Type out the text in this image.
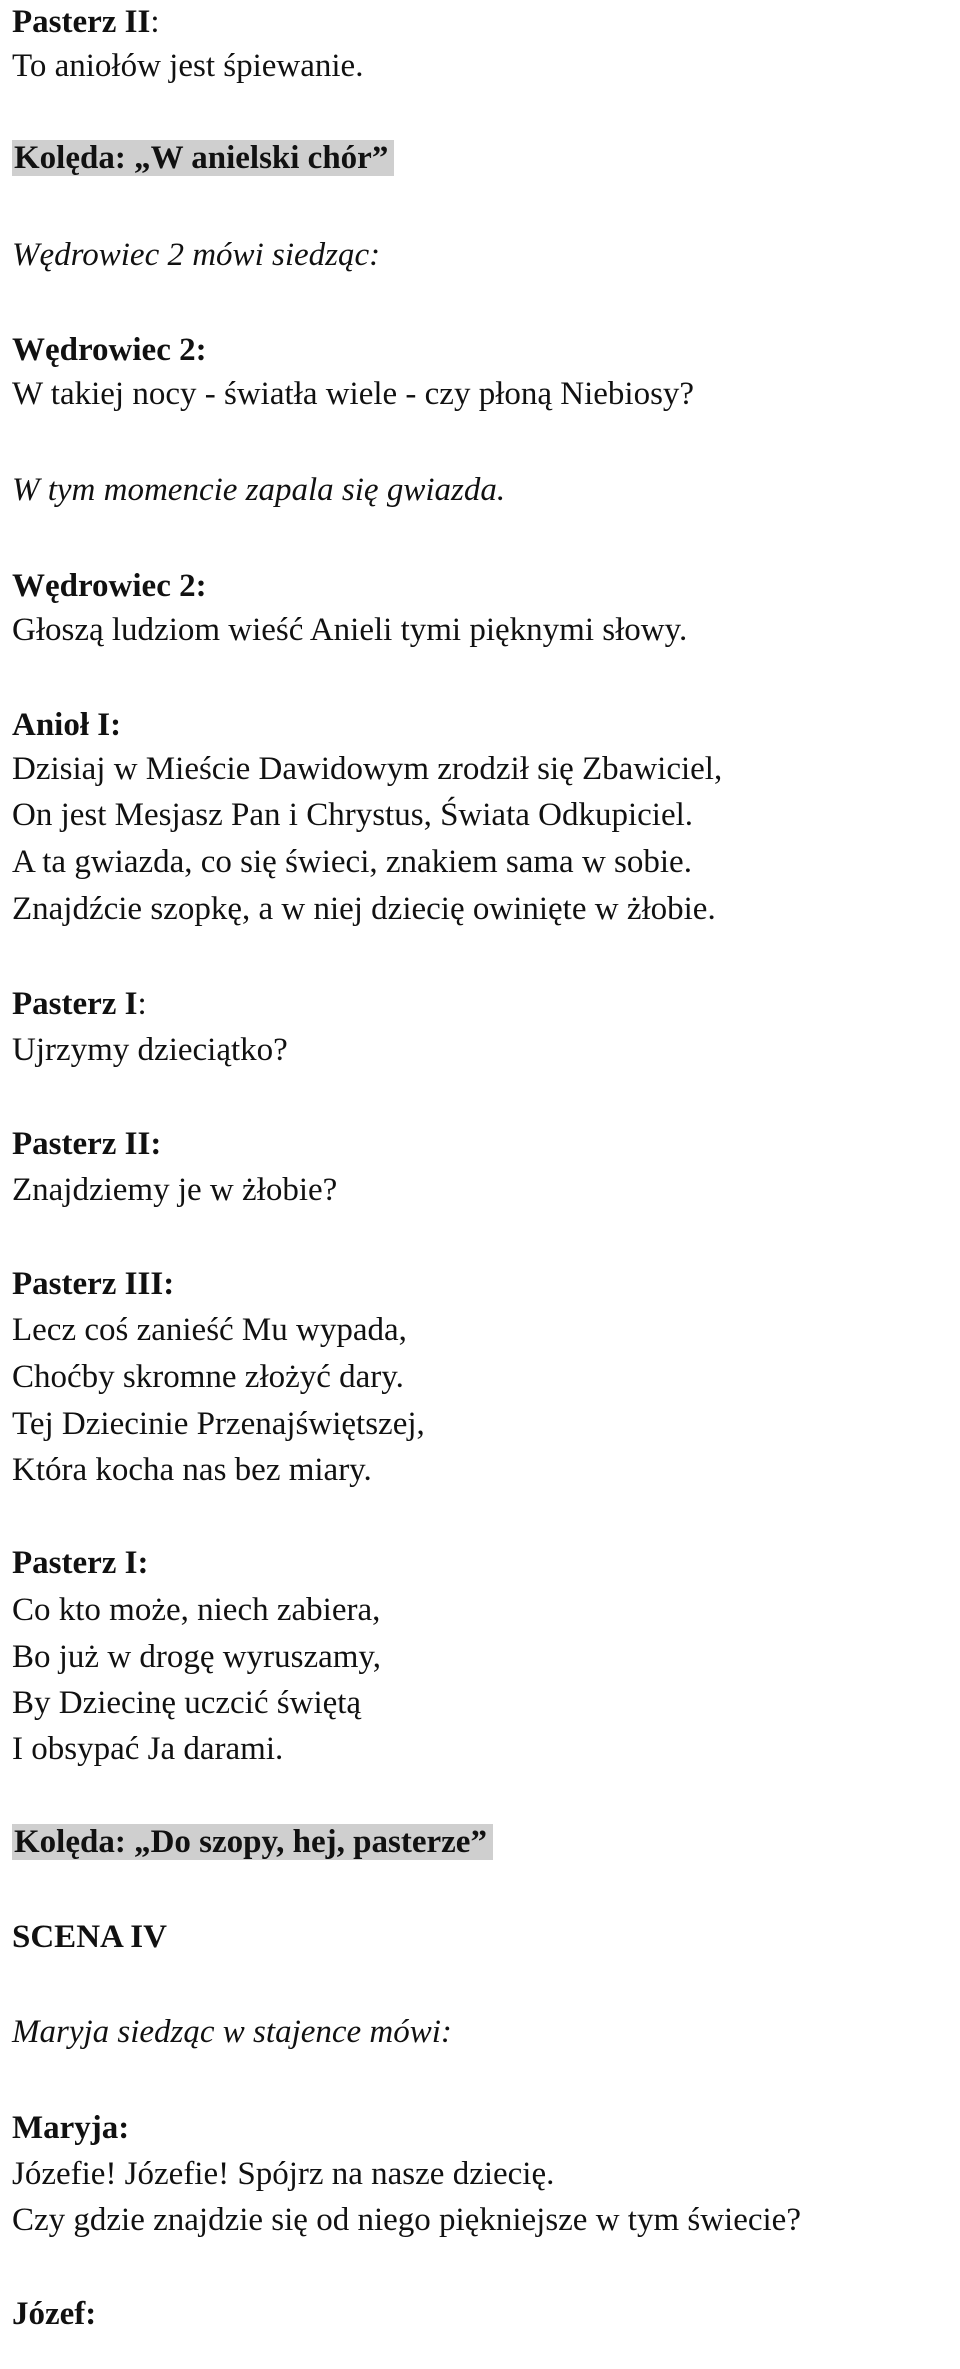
Pasterz II:
To aniołów jest śpiewanie.
Kolęda: „W anielski chór”
Wędrowiec 2 mówi siedząc:
Wędrowiec 2:
W takiej nocy - światła wiele - czy płoną Niebiosy?
W tym momencie zapala się gwiazda.
Wędrowiec 2:
Głoszą ludziom wieść Anieli tymi pięknymi słowy.
Anioł I:
Dzisiaj w Mieście Dawidowym zrodził się Zbawiciel,
On jest Mesjasz Pan i Chrystus, Świata Odkupiciel.
A ta gwiazda, co się świeci, znakiem sama w sobie.
Znajdźcie szopkę, a w niej dziecię owinięte w żłobie.
Pasterz I:
Ujrzymy dzieciątko?
Pasterz II:
Znajdziemy je w żłobie?
Pasterz III:
Lecz coś zanieść Mu wypada,
Choćby skromne złożyć dary.
Tej Dziecinie Przenajświętszej,
Która kocha nas bez miary.
Pasterz I:
Co kto może, niech zabiera,
Bo już w drogę wyruszamy,
By Dziecinę uczcić świętą
I obsypać Ja darami.
Kolęda: „Do szopy, hej, pasterze”
SCENA IV
Maryja siedząc w stajence mówi:
Maryja:
Józefie! Józefie! Spójrz na nasze dziecię.
Czy gdzie znajdzie się od niego piękniejsze w tym świecie?
Józef:
